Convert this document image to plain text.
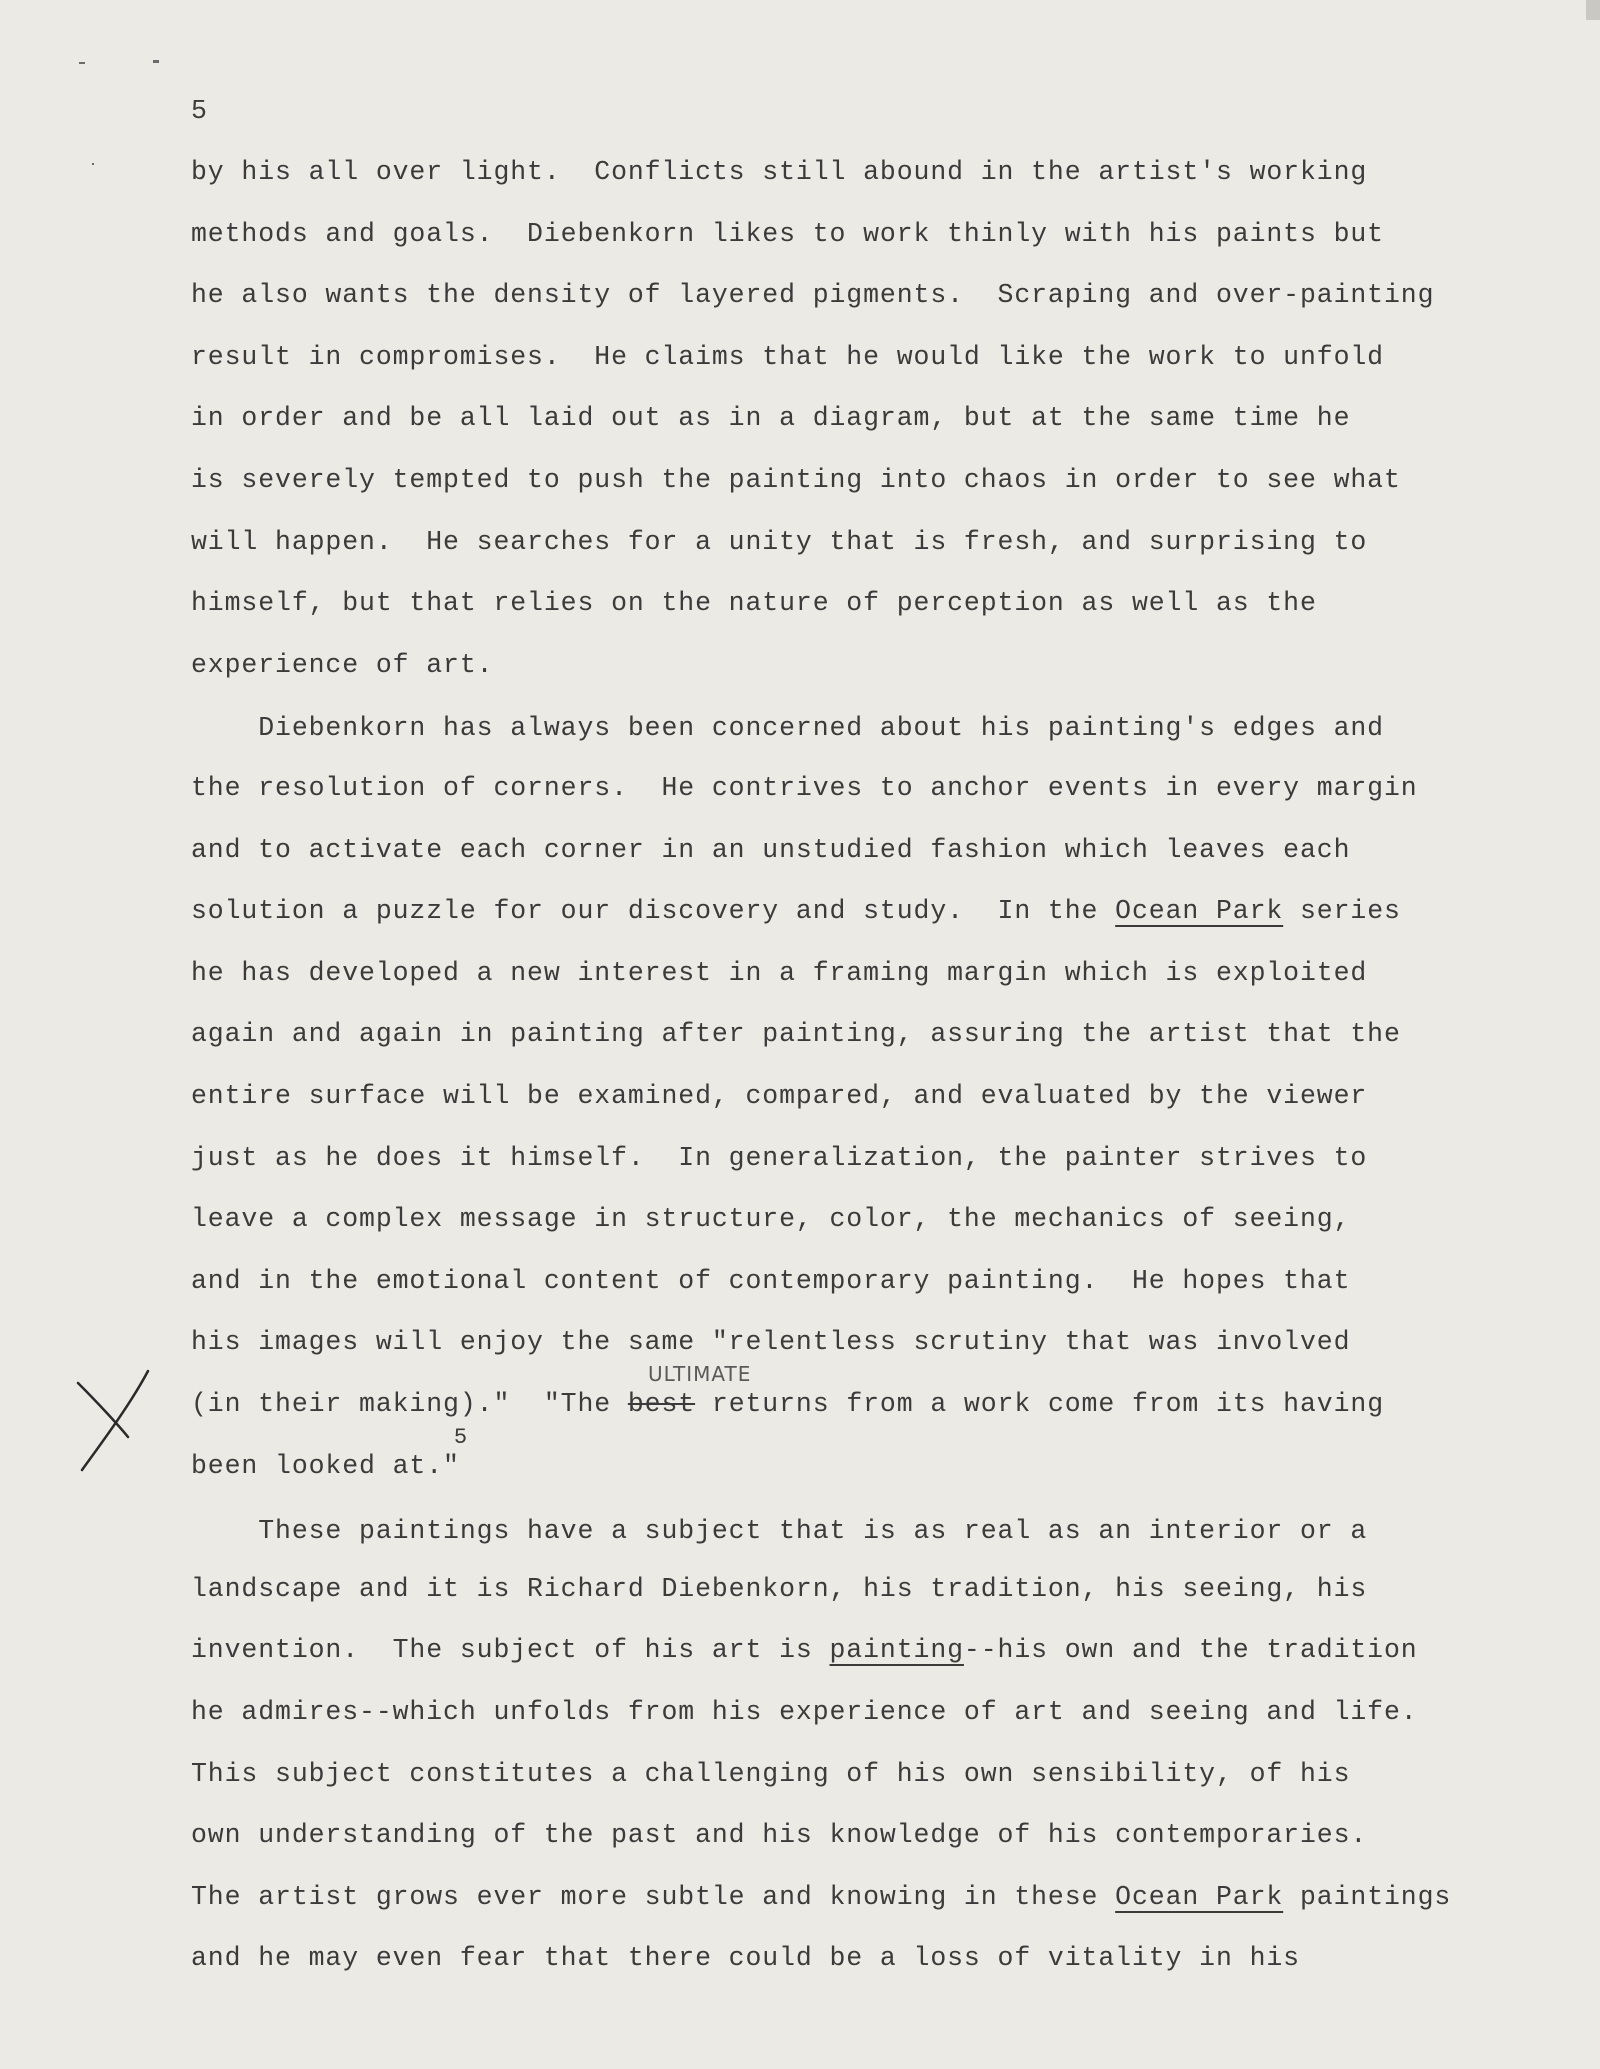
5
by his all over light.  Conflicts still abound in the artist's working
methods and goals.  Diebenkorn likes to work thinly with his paints but
he also wants the density of layered pigments.  Scraping and over-painting
result in compromises.  He claims that he would like the work to unfold
in order and be all laid out as in a diagram, but at the same time he
is severely tempted to push the painting into chaos in order to see what
will happen.  He searches for a unity that is fresh, and surprising to
himself, but that relies on the nature of perception as well as the
experience of art.
Diebenkorn has always been concerned about his painting's edges and
the resolution of corners.  He contrives to anchor events in every margin
and to activate each corner in an unstudied fashion which leaves each
solution a puzzle for our discovery and study.  In the Ocean Park series
he has developed a new interest in a framing margin which is exploited
again and again in painting after painting, assuring the artist that the
entire surface will be examined, compared, and evaluated by the viewer
just as he does it himself.  In generalization, the painter strives to
leave a complex message in structure, color, the mechanics of seeing,
and in the emotional content of contemporary painting.  He hopes that
his images will enjoy the same "relentless scrutiny that was involved
(in their making)."  "The best returns from a work come from its having
been looked at."$^5$
These paintings have a subject that is as real as an interior or a
landscape and it is Richard Diebenkorn, his tradition, his seeing, his
invention.  The subject of his art is painting--his own and the tradition
he admires--which unfolds from his experience of art and seeing and life.
This subject constitutes a challenging of his own sensibility, of his
own understanding of the past and his knowledge of his contemporaries.
The artist grows ever more subtle and knowing in these Ocean Park paintings
and he may even fear that there could be a loss of vitality in his
ULTIMATE
